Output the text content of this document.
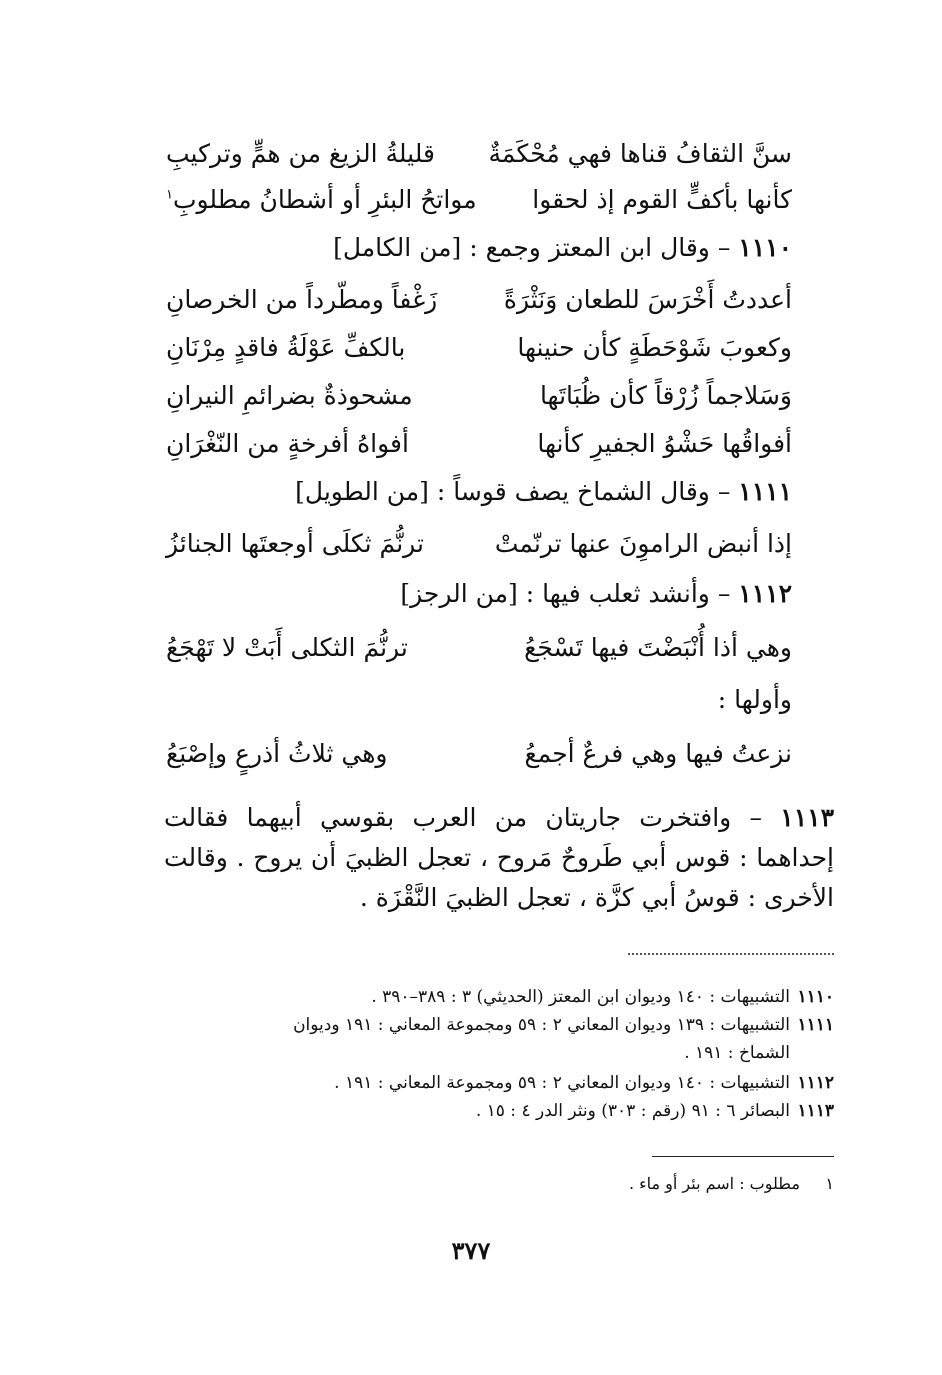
سنَّ الثقافُ قناها فهي مُحْكَمَةٌ
قليلةُ الزيغ من همٍّ وتركيبِ
كأنها بأكفٍّ القوم إذ لحقوا
مواتحُ البئرِ أو أشطانُ مطلوبِ$^١$
١١١٠ – وقال ابن المعتز وجمع : [من الكامل]
أعددتُ أَخْرَسَ للطعان وَنَثْرَةً
زَغْفاً ومطّرداً من الخرصانِ
وكعوبَ شَوْحَطَةٍ كأن حنينها
بالكفِّ عَوْلَةُ فاقدٍ مِرْنَانِ
وَسَلاجماً زُرْقاً كأن ظُبَاتَها
مشحوذةٌ بضرائمِ النيرانِ
أفواقُها حَشْوُ الجفيرِ كأنها
أفواهُ أفرخةٍ من النّغْرَانِ
١١١١ – وقال الشماخ يصف قوساً : [من الطويل]
إذا أنبض الراموِنَ عنها ترنّمتْ
ترنُّمَ ثكلَى أوجعتَها الجنائزُ
١١١٢ – وأنشد ثعلب فيها : [من الرجز]
وهي أذا أُنْبَضْتَ فيها تَسْجَعُ
ترنُّمَ الثكلى أَبَتْ لا تَهْجَعُ
وأولها :
نزعتُ فيها وهي فرعٌ أجمعُ
وهي ثلاثُ أذرعٍ وإصْبَعُ
١١١٣ – وافتخرت جاريتان من العرب بقوسي أبيهما فقالت إحداهما : قوس أبي طَروحٌ مَروح ، تعجل الظبيَ أن يروح . وقالت الأخرى : قوسُ أبي كزَّة ، تعجل الظبيَ النَّقْزَة .
١١١٠التشبيهات : ١٤٠ وديوان ابن المعتز (الحديثي) ٣ : ٣٨٩–٣٩٠ .
١١١١التشبيهات : ١٣٩ وديوان المعاني ٢ : ٥٩ ومجموعة المعاني : ١٩١ وديوان
الشماخ : ١٩١ .
١١١٢التشبيهات : ١٤٠ وديوان المعاني ٢ : ٥٩ ومجموعة المعاني : ١٩١ .
١١١٣البصائر ٦ : ٩١ (رقم : ٣٠٣) ونثر الدر ٤ : ١٥ .
١مطلوب : اسم بئر أو ماء .
٣٧٧
